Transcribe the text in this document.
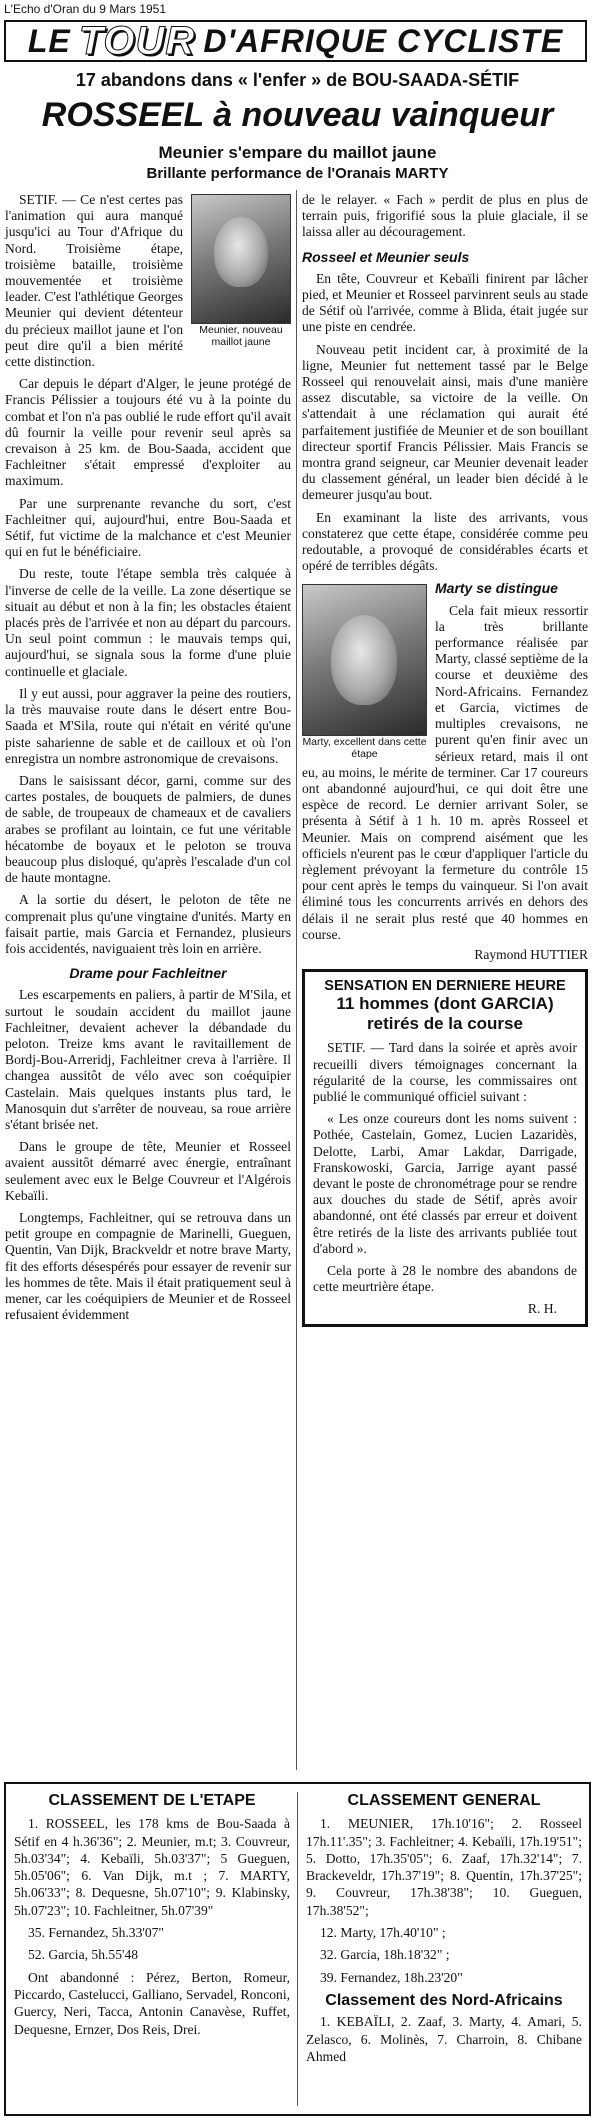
L'Echo d'Oran du 9 Mars 1951
LE TOUR D'AFRIQUE CYCLISTE
17 abandons dans « l'enfer » de BOU-SAADA-SÉTIF
ROSSEEL à nouveau vainqueur
Meunier s'empare du maillot jaune
Brillante performance de l'Oranais MARTY
Meunier, nouveau maillot jaune

SETIF. — Ce n'est certes pas l'animation qui aura manqué jusqu'ici au Tour d'Afrique du Nord. Troisième étape, troisième bataille, troisième mouvementée et troisième leader. C'est l'athlétique Georges Meunier qui devient détenteur du précieux maillot jaune et l'on peut dire qu'il a bien mérité cette distinction.

Car depuis le départ d'Alger, le jeune protégé de Francis Pélissier a toujours été vu à la pointe du combat et l'on n'a pas oublié le rude effort qu'il avait dû fournir la veille pour revenir seul après sa crevaison à 25 km. de Bou-Saada, accident que Fachleitner s'était empressé d'exploiter au maximum.

Par une surprenante revanche du sort, c'est Fachleitner qui, aujourd'hui, entre Bou-Saada et Sétif, fut victime de la malchance et c'est Meunier qui en fut le bénéficiaire.

Du reste, toute l'étape sembla très calquée à l'inverse de celle de la veille. La zone désertique se situait au début et non à la fin; les obstacles étaient placés près de l'arrivée et non au départ du parcours. Un seul point commun : le mauvais temps qui, aujourd'hui, se signala sous la forme d'une pluie continuelle et glaciale.

Il y eut aussi, pour aggraver la peine des routiers, la très mauvaise route dans le désert entre Bou-Saada et M'Sila, route qui n'était en vérité qu'une piste saharienne de sable et de cailloux et où l'on enregistra un nombre astronomique de crevaisons.

Dans le saisissant décor, garni, comme sur des cartes postales, de bouquets de palmiers, de dunes de sable, de troupeaux de chameaux et de cavaliers arabes se profilant au lointain, ce fut une véritable hécatombe de boyaux et le peloton se trouva beaucoup plus disloqué, qu'après l'escalade d'un col de haute montagne.

A la sortie du désert, le peloton de tête ne comprenait plus qu'une vingtaine d'unités. Marty en faisait partie, mais Garcia et Fernandez, plusieurs fois accidentés, naviguaient très loin en arrière.

Drame pour Fachleitner

Les escarpements en paliers, à partir de M'Sila, et surtout le soudain accident du maillot jaune Fachleitner, devaient achever la débandade du peloton. Treize kms avant le ravitaillement de Bordj-Bou-Arreridj, Fachleitner creva à l'arrière. Il changea aussitôt de vélo avec son coéquipier Castelain. Mais quelques instants plus tard, le Manosquin dut s'arrêter de nouveau, sa roue arrière s'étant brisée net.

Dans le groupe de tête, Meunier et Rosseel avaient aussitôt démarré avec énergie, entraînant seulement avec eux le Belge Couvreur et l'Algérois Kebaïli.

Longtemps, Fachleitner, qui se retrouva dans un petit groupe en compagnie de Marinelli, Gueguen, Quentin, Van Dijk, Brackveldr et notre brave Marty, fit des efforts désespérés pour essayer de revenir sur les hommes de tête. Mais il était pratiquement seul à mener, car les coéquipiers de Meunier et de Rosseel refusaient évidemment

de le relayer. « Fach » perdit de plus en plus de terrain puis, frigorifié sous la pluie glaciale, il se laissa aller au découragement.

Rosseel et Meunier seuls

En tête, Couvreur et Kebaïli finirent par lâcher pied, et Meunier et Rosseel parvinrent seuls au stade de Sétif où l'arrivée, comme à Blida, était jugée sur une piste en cendrée.

Nouveau petit incident car, à proximité de la ligne, Meunier fut nettement tassé par le Belge Rosseel qui renouvelait ainsi, mais d'une manière assez discutable, sa victoire de la veille. On s'attendait à une réclamation qui aurait été parfaitement justifiée de Meunier et de son bouillant directeur sportif Francis Pélissier. Mais Francis se montra grand seigneur, car Meunier devenait leader du classement général, un leader bien décidé à le demeurer jusqu'au bout.

En examinant la liste des arrivants, vous constaterez que cette étape, considérée comme peu redoutable, a provoqué de considérables écarts et opéré de terribles dégâts.

Marty, excellent dans cette étape
Marty se distingue

Cela fait mieux ressortir la très brillante performance réalisée par Marty, classé septième de la course et deuxième des Nord-Africains. Fernandez et Garcia, victimes de multiples crevaisons, ne purent qu'en finir avec un sérieux retard, mais il ont eu, au moins, le mérite de terminer. Car 17 coureurs ont abandonné aujourd'hui, ce qui doit être une espèce de record. Le dernier arrivant Soler, se présenta à Sétif à 1 h. 10 m. après Rosseel et Meunier. Mais on comprend aisément que les officiels n'eurent pas le cœur d'appliquer l'article du règlement prévoyant la fermeture du contrôle 15 pour cent après le temps du vainqueur. Si l'on avait éliminé tous les concurrents arrivés en dehors des délais il ne serait plus resté que 40 hommes en course.

Raymond HUTTIER
SENSATION EN DERNIERE HEURE
11 hommes (dont GARCIA)
retirés de la course

SETIF. — Tard dans la soirée et après avoir recueilli divers témoignages concernant la régularité de la course, les commissaires ont publié le communiqué officiel suivant :

« Les onze coureurs dont les noms suivent : Pothée, Castelain, Gomez, Lucien Lazaridès, Delotte, Larbi, Amar Lakdar, Darrigade, Franskowoski, Garcia, Jarrige ayant passé devant le poste de chronométrage pour se rendre aux douches du stade de Sétif, après avoir abandonné, ont été classés par erreur et doivent être retirés de la liste des arrivants publiée tout d'abord ».

Cela porte à 28 le nombre des abandons de cette meurtrière étape.

R. H.
CLASSEMENT DE L'ETAPE

1. ROSSEEL, les 178 kms de Bou-Saada à Sétif en 4 h.36'36"; 2. Meunier, m.t; 3. Couvreur, 5h.03'34"; 4. Kebaïli, 5h.03'37"; 5 Gueguen, 5h.05'06"; 6. Van Dijk, m.t ; 7. MARTY, 5h.06'33"; 8. Dequesne, 5h.07'10"; 9. Klabinsky, 5h.07'23"; 10. Fachleitner, 5h.07'39"

35. Fernandez, 5h.33'07"

52. Garcia, 5h.55'48

Ont abandonné : Pérez, Berton, Romeur, Piccardo, Castelucci, Galliano, Servadel, Ronconi, Guercy, Neri, Tacca, Antonin Canavèse, Ruffet, Dequesne, Ernzer, Dos Reis, Drei.

CLASSEMENT GENERAL

1. MEUNIER, 17h.10'16"; 2. Rosseel 17h.11'.35"; 3. Fachleitner; 4. Kebaïli, 17h.19'51"; 5. Dotto, 17h.35'05"; 6. Zaaf, 17h.32'14"; 7. Brackeveldr, 17h.37'19"; 8. Quentin, 17h.37'25"; 9. Couvreur, 17h.38'38"; 10. Gueguen, 17h.38'52";

12. Marty, 17h.40'10" ;

32. Garcia, 18h.18'32" ;

39. Fernandez, 18h.23'20"

Classement des Nord-Africains

1. KEBAÏLI, 2. Zaaf, 3. Marty, 4. Amari, 5. Zelasco, 6. Molinès, 7. Charroin, 8. Chibane Ahmed
